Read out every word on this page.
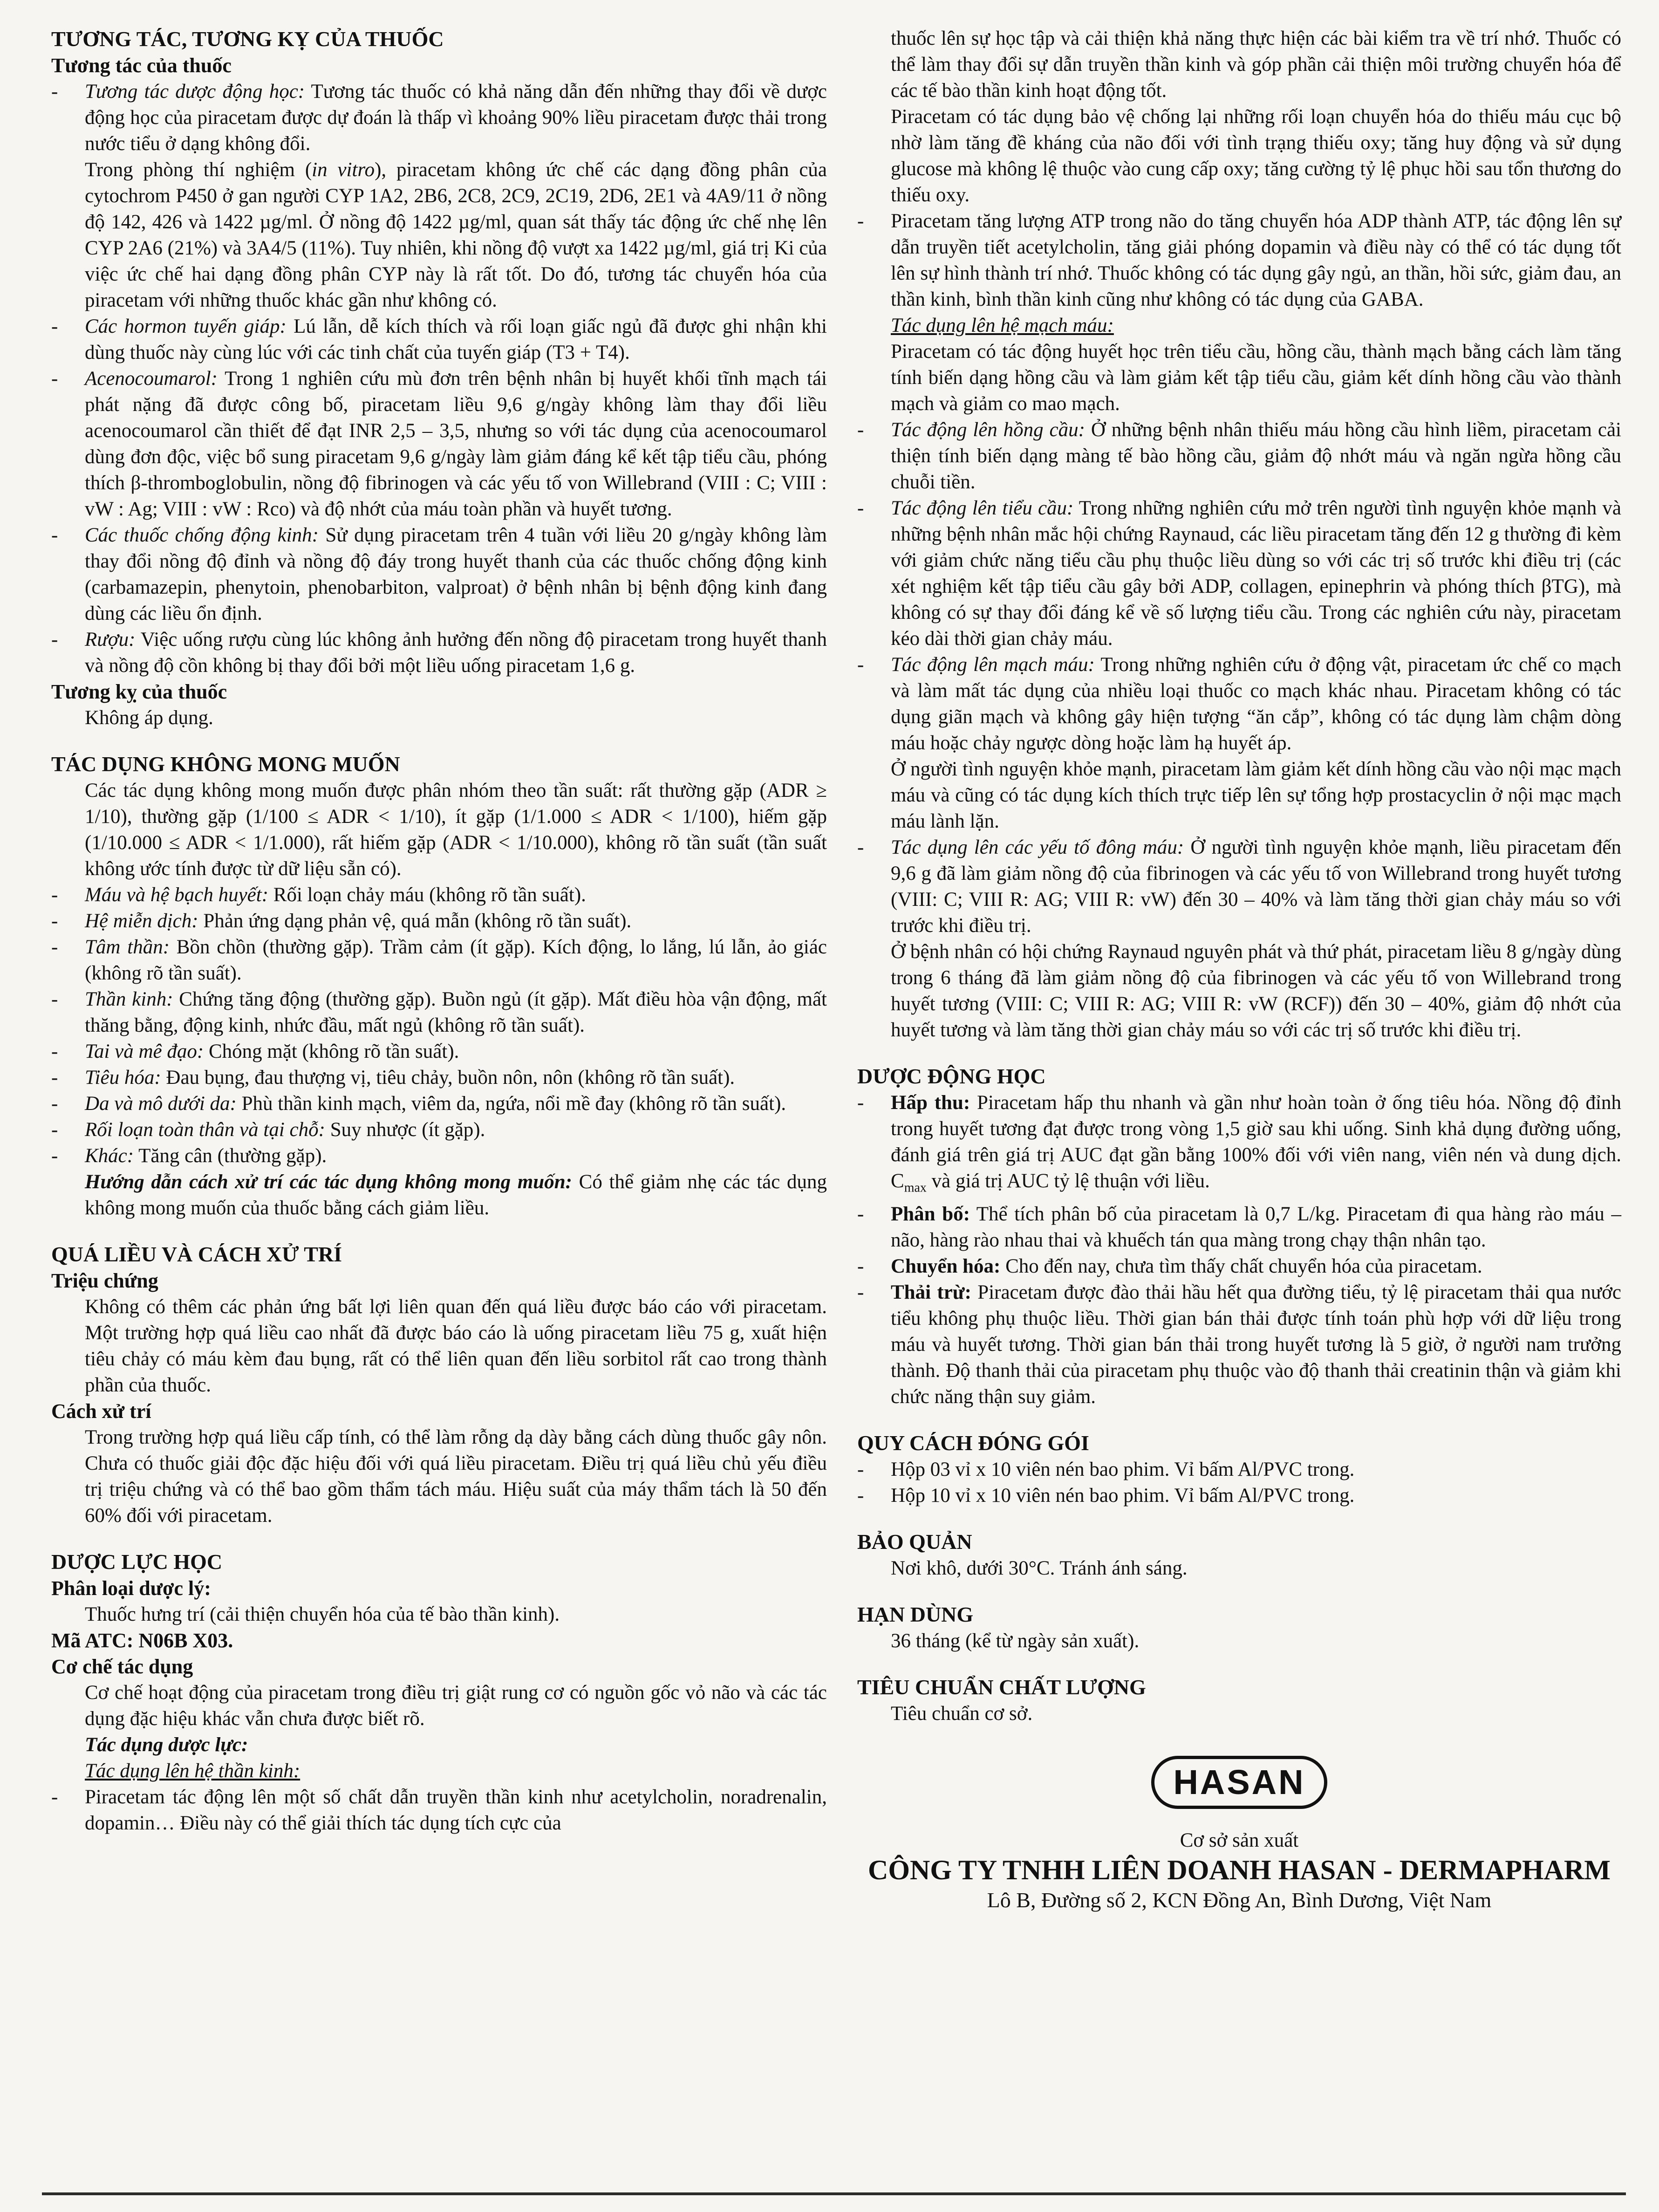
TƯƠNG TÁC, TƯƠNG KỴ CỦA THUỐC
Tương tác của thuốc
- Tương tác dược động học: Tương tác thuốc có khả năng dẫn đến những thay đổi về dược động học của piracetam được dự đoán là thấp vì khoảng 90% liều piracetam được thải trong nước tiểu ở dạng không đổi.

Trong phòng thí nghiệm (in vitro), piracetam không ức chế các dạng đồng phân của cytochrom P450 ở gan người CYP 1A2, 2B6, 2C8, 2C9, 2C19, 2D6, 2E1 và 4A9/11 ở nồng độ 142, 426 và 1422 µg/ml. Ở nồng độ 1422 µg/ml, quan sát thấy tác động ức chế nhẹ lên CYP 2A6 (21%) và 3A4/5 (11%). Tuy nhiên, khi nồng độ vượt xa 1422 µg/ml, giá trị Ki của việc ức chế hai dạng đồng phân CYP này là rất tốt. Do đó, tương tác chuyển hóa của piracetam với những thuốc khác gần như không có.

- Các hormon tuyến giáp: Lú lẫn, dễ kích thích và rối loạn giấc ngủ đã được ghi nhận khi dùng thuốc này cùng lúc với các tinh chất của tuyến giáp (T3 + T4).
- Acenocoumarol: Trong 1 nghiên cứu mù đơn trên bệnh nhân bị huyết khối tĩnh mạch tái phát nặng đã được công bố, piracetam liều 9,6 g/ngày không làm thay đổi liều acenocoumarol cần thiết để đạt INR 2,5 – 3,5, nhưng so với tác dụng của acenocoumarol dùng đơn độc, việc bổ sung piracetam 9,6 g/ngày làm giảm đáng kể kết tập tiểu cầu, phóng thích β-thromboglobulin, nồng độ fibrinogen và các yếu tố von Willebrand (VIII : C; VIII : vW : Ag; VIII : vW : Rco) và độ nhớt của máu toàn phần và huyết tương.
- Các thuốc chống động kinh: Sử dụng piracetam trên 4 tuần với liều 20 g/ngày không làm thay đổi nồng độ đỉnh và nồng độ đáy trong huyết thanh của các thuốc chống động kinh (carbamazepin, phenytoin, phenobarbiton, valproat) ở bệnh nhân bị bệnh động kinh đang dùng các liều ổn định.
- Rượu: Việc uống rượu cùng lúc không ảnh hưởng đến nồng độ piracetam trong huyết thanh và nồng độ cồn không bị thay đổi bởi một liều uống piracetam 1,6 g.
Tương kỵ của thuốc

Không áp dụng.

TÁC DỤNG KHÔNG MONG MUỐN

Các tác dụng không mong muốn được phân nhóm theo tần suất: rất thường gặp (ADR ≥ 1/10), thường gặp (1/100 ≤ ADR < 1/10), ít gặp (1/1.000 ≤ ADR < 1/100), hiếm gặp (1/10.000 ≤ ADR < 1/1.000), rất hiếm gặp (ADR < 1/10.000), không rõ tần suất (tần suất không ước tính được từ dữ liệu sẵn có).

- Máu và hệ bạch huyết: Rối loạn chảy máu (không rõ tần suất).
- Hệ miễn dịch: Phản ứng dạng phản vệ, quá mẫn (không rõ tần suất).
- Tâm thần: Bồn chồn (thường gặp). Trầm cảm (ít gặp). Kích động, lo lắng, lú lẫn, ảo giác (không rõ tần suất).
- Thần kinh: Chứng tăng động (thường gặp). Buồn ngủ (ít gặp). Mất điều hòa vận động, mất thăng bằng, động kinh, nhức đầu, mất ngủ (không rõ tần suất).
- Tai và mê đạo: Chóng mặt (không rõ tần suất).
- Tiêu hóa: Đau bụng, đau thượng vị, tiêu chảy, buồn nôn, nôn (không rõ tần suất).
- Da và mô dưới da: Phù thần kinh mạch, viêm da, ngứa, nổi mề đay (không rõ tần suất).
- Rối loạn toàn thân và tại chỗ: Suy nhược (ít gặp).
- Khác: Tăng cân (thường gặp).

Hướng dẫn cách xử trí các tác dụng không mong muốn: Có thể giảm nhẹ các tác dụng không mong muốn của thuốc bằng cách giảm liều.

QUÁ LIỀU VÀ CÁCH XỬ TRÍ
Triệu chứng

Không có thêm các phản ứng bất lợi liên quan đến quá liều được báo cáo với piracetam. Một trường hợp quá liều cao nhất đã được báo cáo là uống piracetam liều 75 g, xuất hiện tiêu chảy có máu kèm đau bụng, rất có thể liên quan đến liều sorbitol rất cao trong thành phần của thuốc.

Cách xử trí

Trong trường hợp quá liều cấp tính, có thể làm rỗng dạ dày bằng cách dùng thuốc gây nôn. Chưa có thuốc giải độc đặc hiệu đối với quá liều piracetam. Điều trị quá liều chủ yếu điều trị triệu chứng và có thể bao gồm thẩm tách máu. Hiệu suất của máy thẩm tách là 50 đến 60% đối với piracetam.

DƯỢC LỰC HỌC
Phân loại dược lý:

Thuốc hưng trí (cải thiện chuyển hóa của tế bào thần kinh).

Mã ATC: N06B X03.
Cơ chế tác dụng

Cơ chế hoạt động của piracetam trong điều trị giật rung cơ có nguồn gốc vỏ não và các tác dụng đặc hiệu khác vẫn chưa được biết rõ.

Tác dụng dược lực:

Tác dụng lên hệ thần kinh:

- Piracetam tác động lên một số chất dẫn truyền thần kinh như acetylcholin, noradrenalin, dopamin… Điều này có thể giải thích tác dụng tích cực của

thuốc lên sự học tập và cải thiện khả năng thực hiện các bài kiểm tra về trí nhớ. Thuốc có thể làm thay đổi sự dẫn truyền thần kinh và góp phần cải thiện môi trường chuyển hóa để các tế bào thần kinh hoạt động tốt.

Piracetam có tác dụng bảo vệ chống lại những rối loạn chuyển hóa do thiếu máu cục bộ nhờ làm tăng đề kháng của não đối với tình trạng thiếu oxy; tăng huy động và sử dụng glucose mà không lệ thuộc vào cung cấp oxy; tăng cường tỷ lệ phục hồi sau tổn thương do thiếu oxy.

- Piracetam tăng lượng ATP trong não do tăng chuyển hóa ADP thành ATP, tác động lên sự dẫn truyền tiết acetylcholin, tăng giải phóng dopamin và điều này có thể có tác dụng tốt lên sự hình thành trí nhớ. Thuốc không có tác dụng gây ngủ, an thần, hồi sức, giảm đau, an thần kinh, bình thần kinh cũng như không có tác dụng của GABA.

Tác dụng lên hệ mạch máu:

Piracetam có tác động huyết học trên tiểu cầu, hồng cầu, thành mạch bằng cách làm tăng tính biến dạng hồng cầu và làm giảm kết tập tiểu cầu, giảm kết dính hồng cầu vào thành mạch và giảm co mao mạch.

- Tác động lên hồng cầu: Ở những bệnh nhân thiếu máu hồng cầu hình liềm, piracetam cải thiện tính biến dạng màng tế bào hồng cầu, giảm độ nhớt máu và ngăn ngừa hồng cầu chuỗi tiền.
- Tác động lên tiểu cầu: Trong những nghiên cứu mở trên người tình nguyện khỏe mạnh và những bệnh nhân mắc hội chứng Raynaud, các liều piracetam tăng đến 12 g thường đi kèm với giảm chức năng tiểu cầu phụ thuộc liều dùng so với các trị số trước khi điều trị (các xét nghiệm kết tập tiểu cầu gây bởi ADP, collagen, epinephrin và phóng thích βTG), mà không có sự thay đổi đáng kể về số lượng tiểu cầu. Trong các nghiên cứu này, piracetam kéo dài thời gian chảy máu.
- Tác động lên mạch máu: Trong những nghiên cứu ở động vật, piracetam ức chế co mạch và làm mất tác dụng của nhiều loại thuốc co mạch khác nhau. Piracetam không có tác dụng giãn mạch và không gây hiện tượng “ăn cắp”, không có tác dụng làm chậm dòng máu hoặc chảy ngược dòng hoặc làm hạ huyết áp.

Ở người tình nguyện khỏe mạnh, piracetam làm giảm kết dính hồng cầu vào nội mạc mạch máu và cũng có tác dụng kích thích trực tiếp lên sự tổng hợp prostacyclin ở nội mạc mạch máu lành lặn.

- Tác dụng lên các yếu tố đông máu: Ở người tình nguyện khỏe mạnh, liều piracetam đến 9,6 g đã làm giảm nồng độ của fibrinogen và các yếu tố von Willebrand trong huyết tương (VIII: C; VIII R: AG; VIII R: vW) đến 30 – 40% và làm tăng thời gian chảy máu so với trước khi điều trị.

Ở bệnh nhân có hội chứng Raynaud nguyên phát và thứ phát, piracetam liều 8 g/ngày dùng trong 6 tháng đã làm giảm nồng độ của fibrinogen và các yếu tố von Willebrand trong huyết tương (VIII: C; VIII R: AG; VIII R: vW (RCF)) đến 30 – 40%, giảm độ nhớt của huyết tương và làm tăng thời gian chảy máu so với các trị số trước khi điều trị.

DƯỢC ĐỘNG HỌC
- Hấp thu: Piracetam hấp thu nhanh và gần như hoàn toàn ở ống tiêu hóa. Nồng độ đỉnh trong huyết tương đạt được trong vòng 1,5 giờ sau khi uống. Sinh khả dụng đường uống, đánh giá trên giá trị AUC đạt gần bằng 100% đối với viên nang, viên nén và dung dịch. $C_{max}$ và giá trị AUC tỷ lệ thuận với liều.
- Phân bố: Thể tích phân bố của piracetam là 0,7 L/kg. Piracetam đi qua hàng rào máu – não, hàng rào nhau thai và khuếch tán qua màng trong chạy thận nhân tạo.
- Chuyển hóa: Cho đến nay, chưa tìm thấy chất chuyển hóa của piracetam.
- Thải trừ: Piracetam được đào thải hầu hết qua đường tiểu, tỷ lệ piracetam thải qua nước tiểu không phụ thuộc liều. Thời gian bán thải được tính toán phù hợp với dữ liệu trong máu và huyết tương. Thời gian bán thải trong huyết tương là 5 giờ, ở người nam trưởng thành. Độ thanh thải của piracetam phụ thuộc vào độ thanh thải creatinin thận và giảm khi chức năng thận suy giảm.
QUY CÁCH ĐÓNG GÓI
- Hộp 03 vỉ x 10 viên nén bao phim. Vỉ bấm Al/PVC trong.
- Hộp 10 vỉ x 10 viên nén bao phim. Vỉ bấm Al/PVC trong.
BẢO QUẢN

Nơi khô, dưới 30°C. Tránh ánh sáng.

HẠN DÙNG

36 tháng (kể từ ngày sản xuất).

TIÊU CHUẨN CHẤT LƯỢNG

Tiêu chuẩn cơ sở.

HASAN

Cơ sở sản xuất

CÔNG TY TNHH LIÊN DOANH HASAN - DERMAPHARM

Lô B, Đường số 2, KCN Đồng An, Bình Dương, Việt Nam
